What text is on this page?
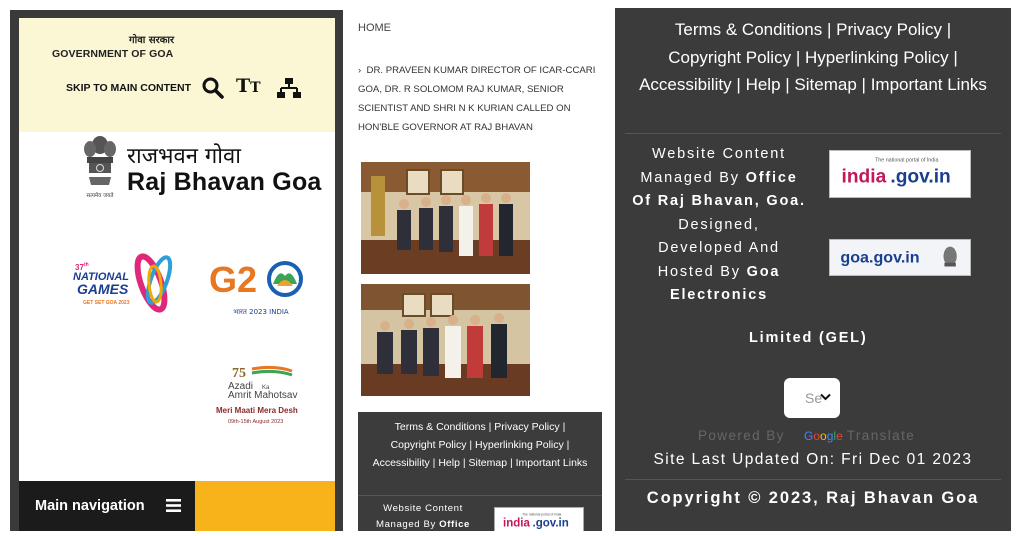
गोवा सरकार
GOVERNMENT OF GOA
SKIP TO MAIN CONTENT TT
सत्यमेव जयते
राजभवन गोवा
Raj Bhavan Goa
37 th
NATIONAL
GAMES
GET SET GOA 2023
G2
भारत 2023 INDIA
75
Azadi Ka
Amrit Mahotsav
Meri Maati Mera Desh
09th-15th August 2023
Main navigation
HOME
› DR. PRAVEEN KUMAR DIRECTOR OF ICAR-CCARI GOA, DR. R SOLOMOM RAJ KUMAR, SENIOR SCIENTIST AND SHRI N K KURIAN CALLED ON HON'BLE GOVERNOR AT RAJ BHAVAN
Terms & Conditions | Privacy Policy |
Copyright Policy | Hyperlinking Policy |
Accessibility | Help | Sitemap | Important Links
Website Content
Managed By Office
The national portal of India
india .gov.in
Terms & Conditions | Privacy Policy |
Copyright Policy | Hyperlinking Policy |
Accessibility | Help | Sitemap | Important Links
Website Content
Managed By Office
Of Raj Bhavan, Goa.
Designed,
Developed And
Hosted By Goa
Electronics
Limited (GEL)
The national portal of India
india .gov.in
goa.gov.in
Se
Powered By Google Translate
Site Last Updated On: Fri Dec 01 2023
Copyright © 2023, Raj Bhavan Goa
